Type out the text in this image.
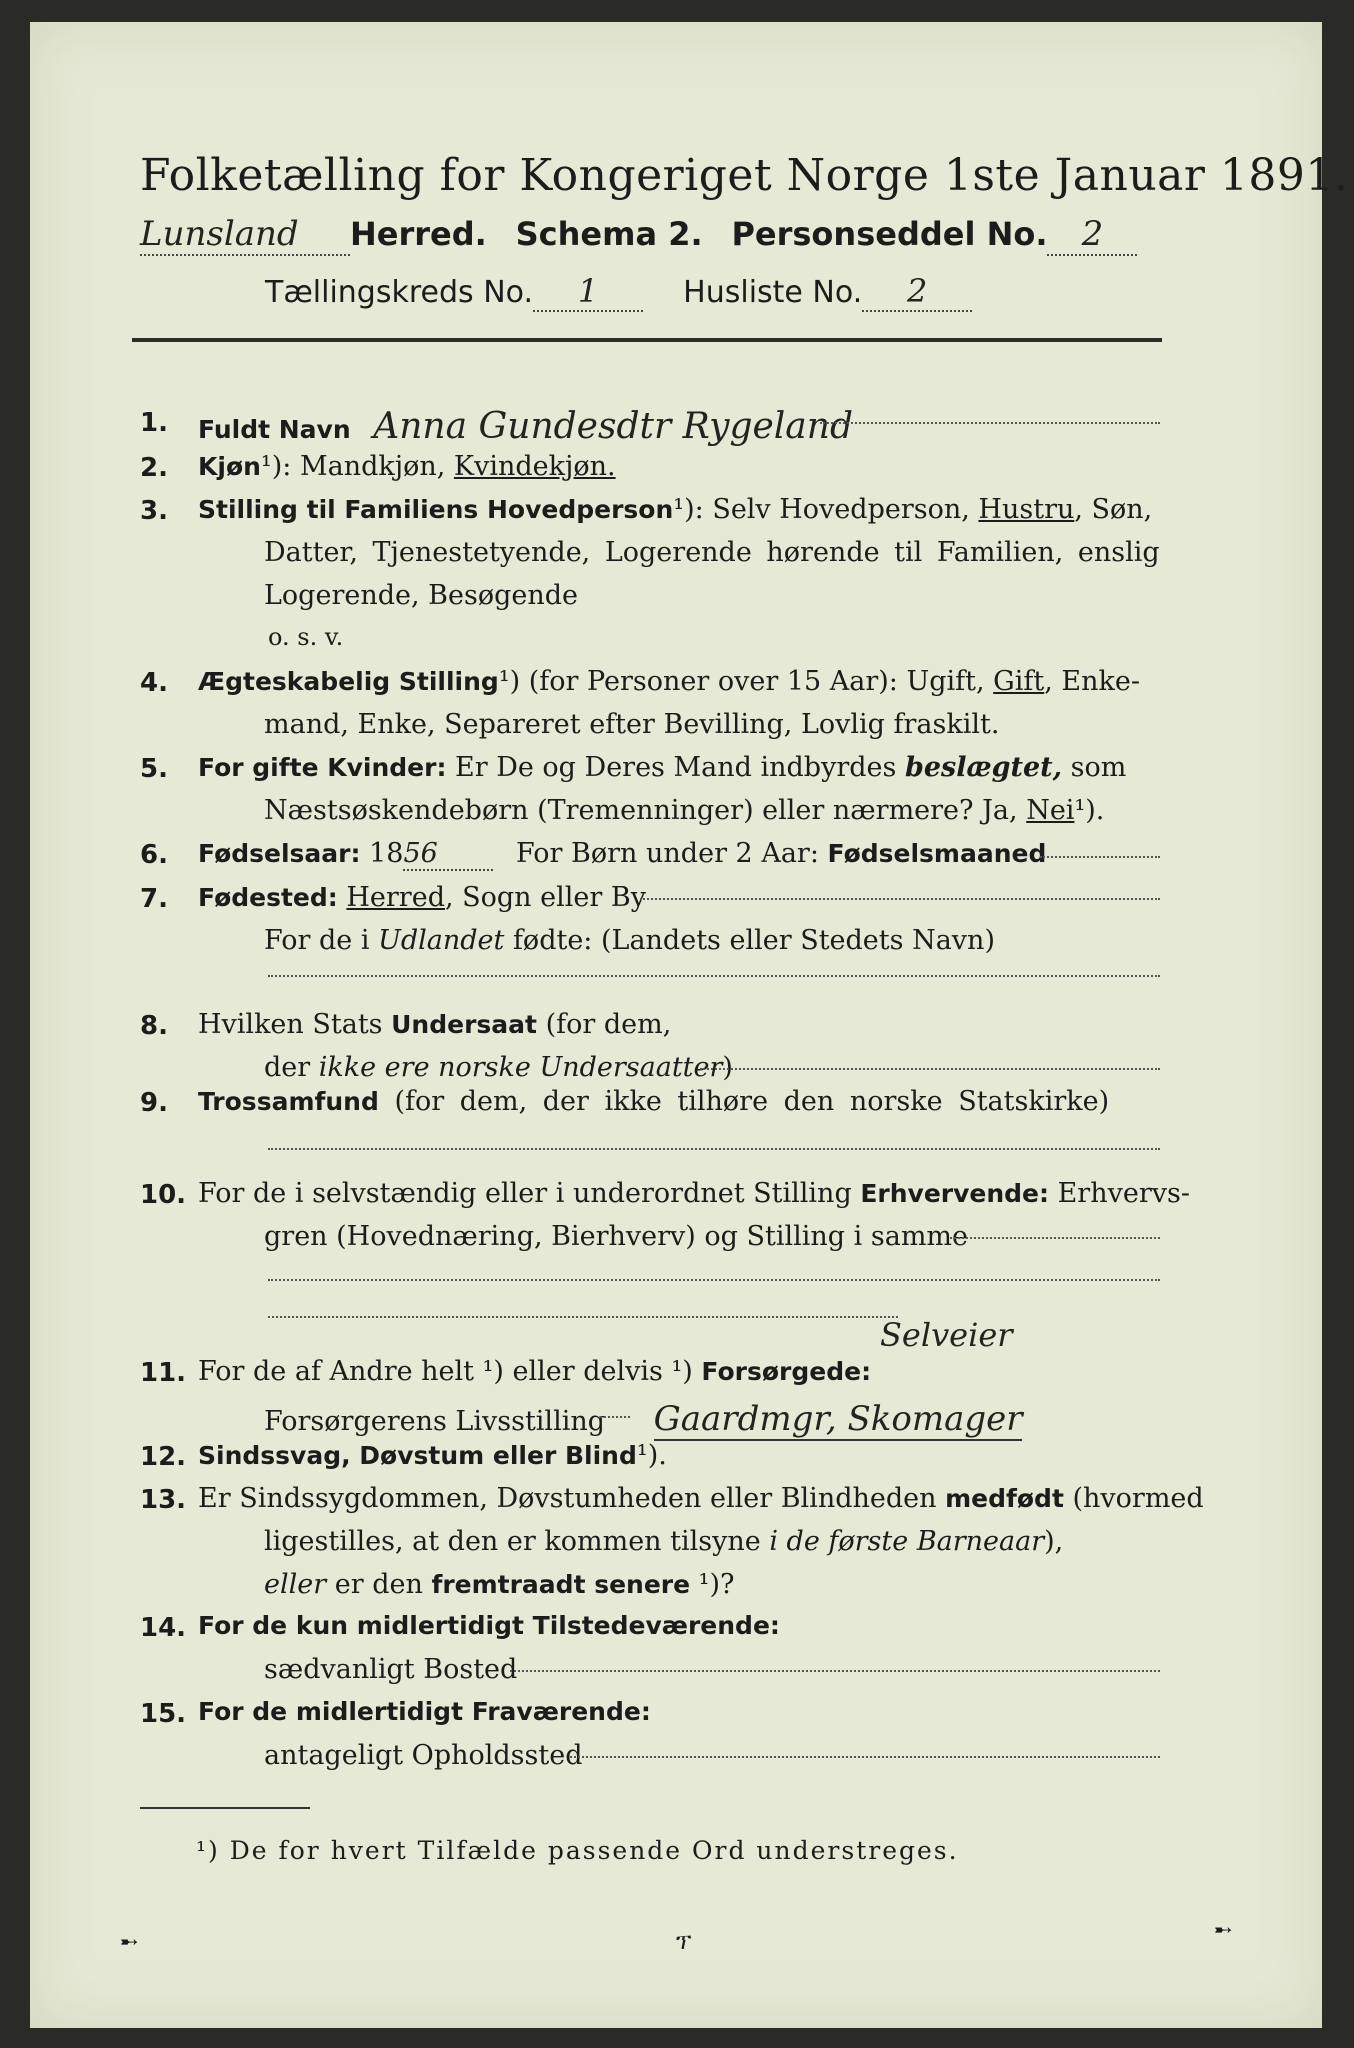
Folketælling for Kongeriget Norge 1ste Januar 1891.
Lunsland Herred. Schema 2. Personseddel No. 2
Tællingskreds No. 1	Husliste No. 2
1. Fuldt Navn Anna Gundesdtr Rygeland
2. Kjøn¹): Mandkjøn, Kvindekjøn.
3. Stilling til Familiens Hovedperson¹): Selv Hovedperson, Hustru, Søn,
Datter, Tjenestetyende, Logerende hørende til Familien, enslig
Logerende, Besøgende
o. s. v.
4. Ægteskabelig Stilling¹) (for Personer over 15 Aar): Ugift, Gift, Enke-
mand, Enke, Separeret efter Bevilling, Lovlig fraskilt.
5. For gifte Kvinder: Er De og Deres Mand indbyrdes beslægtet, som
Næstsøskendebørn (Tremenninger) eller nærmere? Ja, Nei¹).
6. Fødselsaar: 1856	For Børn under 2 Aar: Fødselsmaaned
7. Fødested: Herred, Sogn eller By
For de i Udlandet fødte: (Landets eller Stedets Navn)
8. Hvilken Stats Undersaat (for dem,
der ikke ere norske Undersaatter)
9. Trossamfund (for dem, der ikke tilhøre den norske Statskirke)
10. For de i selvstændig eller i underordnet Stilling Erhvervende: Erhvervs-
gren (Hovednæring, Bierhverv) og Stilling i samme
Selveier
11. For de af Andre helt ¹) eller delvis ¹) Forsørgede:
Forsørgerens Livsstilling Gaardmgr, Skomager
12. Sindssvag, Døvstum eller Blind¹).
13. Er Sindssygdommen, Døvstumheden eller Blindheden medfødt (hvormed
ligestilles, at den er kommen tilsyne i de første Barneaar),
eller er den fremtraadt senere ¹)?
14. For de kun midlertidigt Tilstedeværende:
sædvanligt Bosted
15. For de midlertidigt Fraværende:
antageligt Opholdssted
¹) De for hvert Tilfælde passende Ord understreges.
➸	ፕ	➸
